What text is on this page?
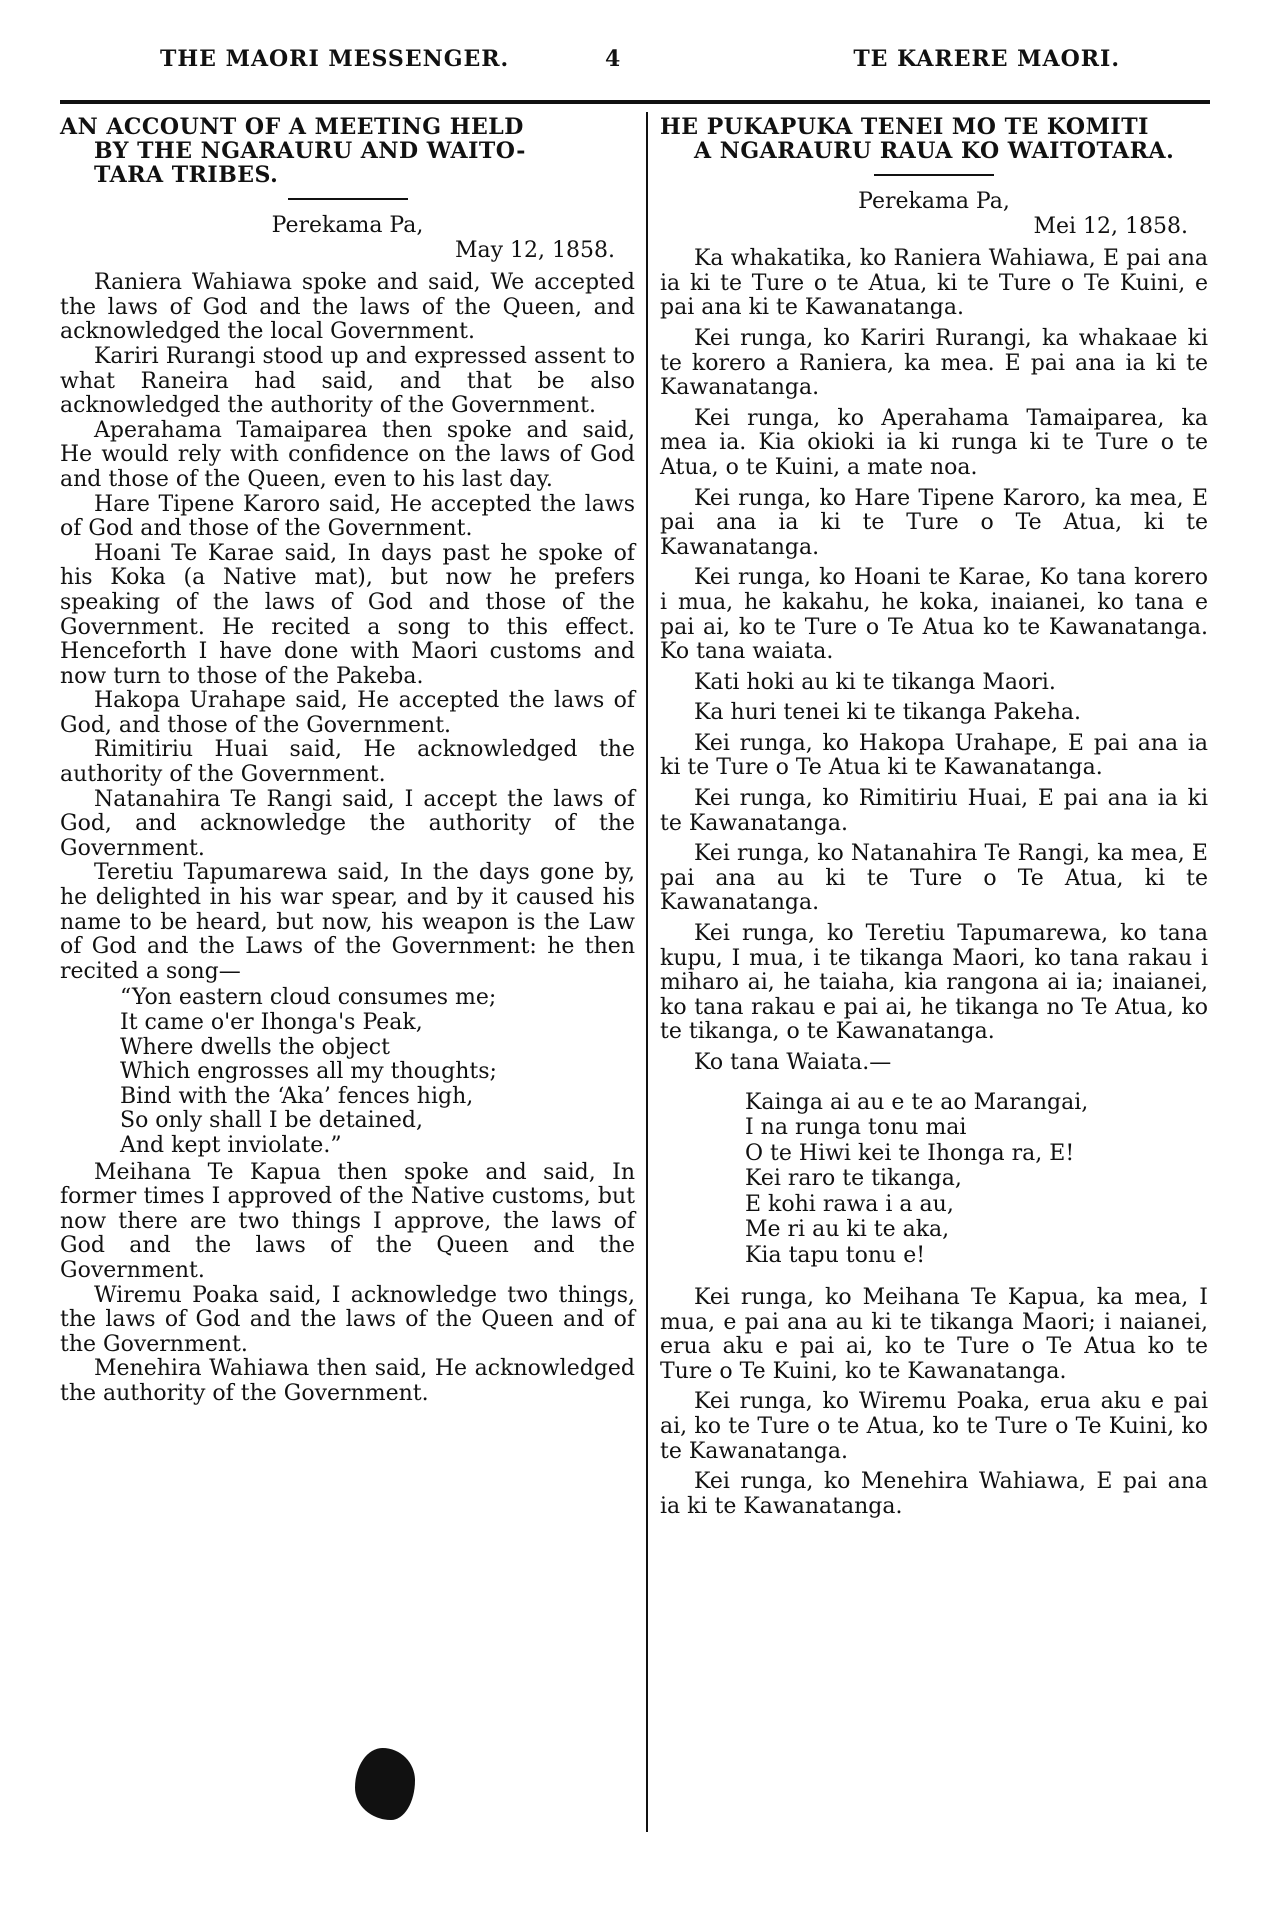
THE MAORI MESSENGER.	4	TE KARERE MAORI.
AN ACCOUNT OF A MEETING HELD
BY THE NGARAURU AND WAITO-
TARA TRIBES.
Perekama Pa,
May 12, 1858.

Raniera Wahiawa spoke and said, We accepted the laws of God and the laws of the Queen, and acknowledged the local Government.

Kariri Rurangi stood up and expressed assent to what Raneira had said, and that be also acknowledged the authority of the Government.

Aperahama Tamaiparea then spoke and said, He would rely with confidence on the laws of God and those of the Queen, even to his last day.

Hare Tipene Karoro said, He accepted the laws of God and those of the Government.

Hoani Te Karae said, In days past he spoke of his Koka (a Native mat), but now he prefers speaking of the laws of God and those of the Government. He recited a song to this effect. Henceforth I have done with Maori customs and now turn to those of the Pakeba.

Hakopa Urahape said, He accepted the laws of God, and those of the Government.

Rimitiriu Huai said, He acknowledged the authority of the Government.

Natanahira Te Rangi said, I accept the laws of God, and acknowledge the authority of the Government.

Teretiu Tapumarewa said, In the days gone by, he delighted in his war spear, and by it caused his name to be heard, but now, his weapon is the Law of God and the Laws of the Government: he then recited a song—

“Yon eastern cloud consumes me;
It came o'er Ihonga's Peak,
Where dwells the object
Which engrosses all my thoughts;
Bind with the ‘Aka’ fences high,
So only shall I be detained,
And kept inviolate.”

Meihana Te Kapua then spoke and said, In former times I approved of the Native customs, but now there are two things I approve, the laws of God and the laws of the Queen and the Government.

Wiremu Poaka said, I acknowledge two things, the laws of God and the laws of the Queen and of the Government.

Menehira Wahiawa then said, He acknowledged the authority of the Government.

HE PUKAPUKA TENEI MO TE KOMITI
A NGARAURU RAUA KO WAITOTARA.
Perekama Pa,
Mei 12, 1858.

Ka whakatika, ko Raniera Wahiawa, E pai ana ia ki te Ture o te Atua, ki te Ture o Te Kuini, e pai ana ki te Kawanatanga.

Kei runga, ko Kariri Rurangi, ka whakaae ki te korero a Raniera, ka mea. E pai ana ia ki te Kawanatanga.

Kei runga, ko Aperahama Tamaiparea, ka mea ia. Kia okioki ia ki runga ki te Ture o te Atua, o te Kuini, a mate noa.

Kei runga, ko Hare Tipene Karoro, ka mea, E pai ana ia ki te Ture o Te Atua, ki te Kawanatanga.

Kei runga, ko Hoani te Karae, Ko tana korero i mua, he kakahu, he koka, inaianei, ko tana e pai ai, ko te Ture o Te Atua ko te Kawanatanga. Ko tana waiata.

Kati hoki au ki te tikanga Maori.

Ka huri tenei ki te tikanga Pakeha.

Kei runga, ko Hakopa Urahape, E pai ana ia ki te Ture o Te Atua ki te Kawanatanga.

Kei runga, ko Rimitiriu Huai, E pai ana ia ki te Kawanatanga.

Kei runga, ko Natanahira Te Rangi, ka mea, E pai ana au ki te Ture o Te Atua, ki te Kawanatanga.

Kei runga, ko Teretiu Tapumarewa, ko tana kupu, I mua, i te tikanga Maori, ko tana rakau i miharo ai, he taiaha, kia rangona ai ia; inaianei, ko tana rakau e pai ai, he tikanga no Te Atua, ko te tikanga, o te Kawanatanga.

Ko tana Waiata.—

Kainga ai au e te ao Marangai,
I na runga tonu mai
O te Hiwi kei te Ihonga ra, E!
Kei raro te tikanga,
E kohi rawa i a au,
Me ri au ki te aka,
Kia tapu tonu e!

Kei runga, ko Meihana Te Kapua, ka mea, I mua, e pai ana au ki te tikanga Maori; i naianei, erua aku e pai ai, ko te Ture o Te Atua ko te Ture o Te Kuini, ko te Kawanatanga.

Kei runga, ko Wiremu Poaka, erua aku e pai ai, ko te Ture o te Atua, ko te Ture o Te Kuini, ko te Kawanatanga.

Kei runga, ko Menehira Wahiawa, E pai ana ia ki te Kawanatanga.
